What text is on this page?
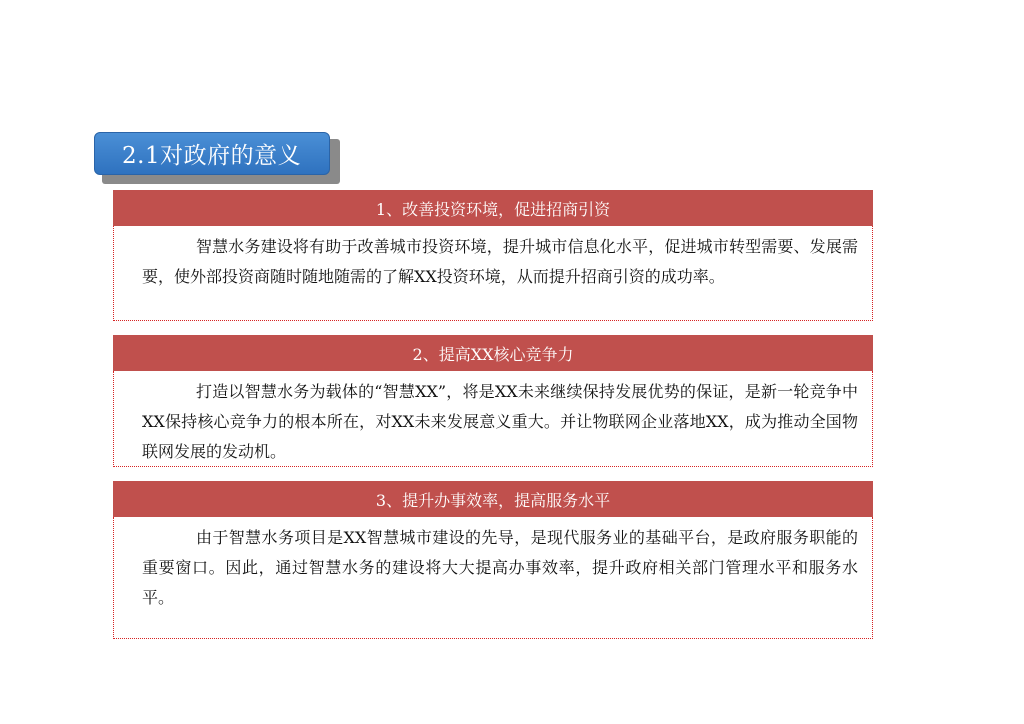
2.1对政府的意义
1、改善投资环境，促进招商引资
智慧水务建设将有助于改善城市投资环境，提升城市信息化水平，促进城市转型需要、发展需要，使外部投资商随时随地随需的了解XX投资环境，从而提升招商引资的成功率。
2、提高XX核心竞争力
打造以智慧水务为载体的“智慧XX”，将是XX未来继续保持发展优势的保证，是新一轮竞争中XX保持核心竞争力的根本所在，对XX未来发展意义重大。并让物联网企业落地XX，成为推动全国物联网发展的发动机。
3、提升办事效率，提高服务水平
由于智慧水务项目是XX智慧城市建设的先导，是现代服务业的基础平台，是政府服务职能的重要窗口。因此，通过智慧水务的建设将大大提高办事效率，提升政府相关部门管理水平和服务水平。
